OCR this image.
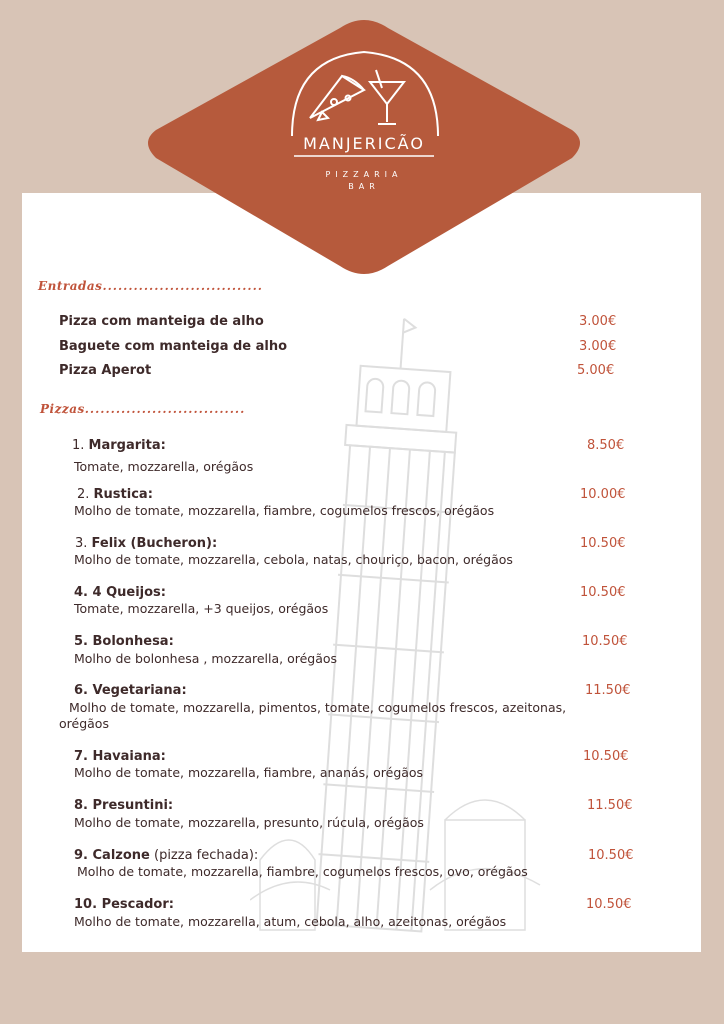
MANJERICÃO
PIZZARIA
BAR
Entradas...............................
Pizza com manteiga de alho	3.00€
Baguete com manteiga de alho	3.00€
Pizza Aperot	5.00€
Pizzas...............................
1. Margarita:	8.50€
Tomate, mozzarella, orégãos
2. Rustica:	10.00€
Molho de tomate, mozzarella, fiambre, cogumelos frescos, orégãos
3. Felix (Bucheron):	10.50€
Molho de tomate, mozzarella, cebola, natas, chouriço, bacon, orégãos
4. 4 Queijos:	10.50€
Tomate, mozzarella, +3 queijos, orégãos
5. Bolonhesa:	10.50€
Molho de bolonhesa , mozzarella, orégãos
6. Vegetariana:	11.50€
Molho de tomate, mozzarella, pimentos, tomate, cogumelos frescos, azeitonas,
orégãos
7. Havaiana:	10.50€
Molho de tomate, mozzarella, fiambre, ananás, orégãos
8. Presuntini:	11.50€
Molho de tomate, mozzarella, presunto, rúcula, orégãos
9. Calzone (pizza fechada):	10.50€
Molho de tomate, mozzarella, fiambre, cogumelos frescos, ovo, orégãos
10. Pescador:	10.50€
Molho de tomate, mozzarella, atum, cebola, alho, azeitonas, orégãos
